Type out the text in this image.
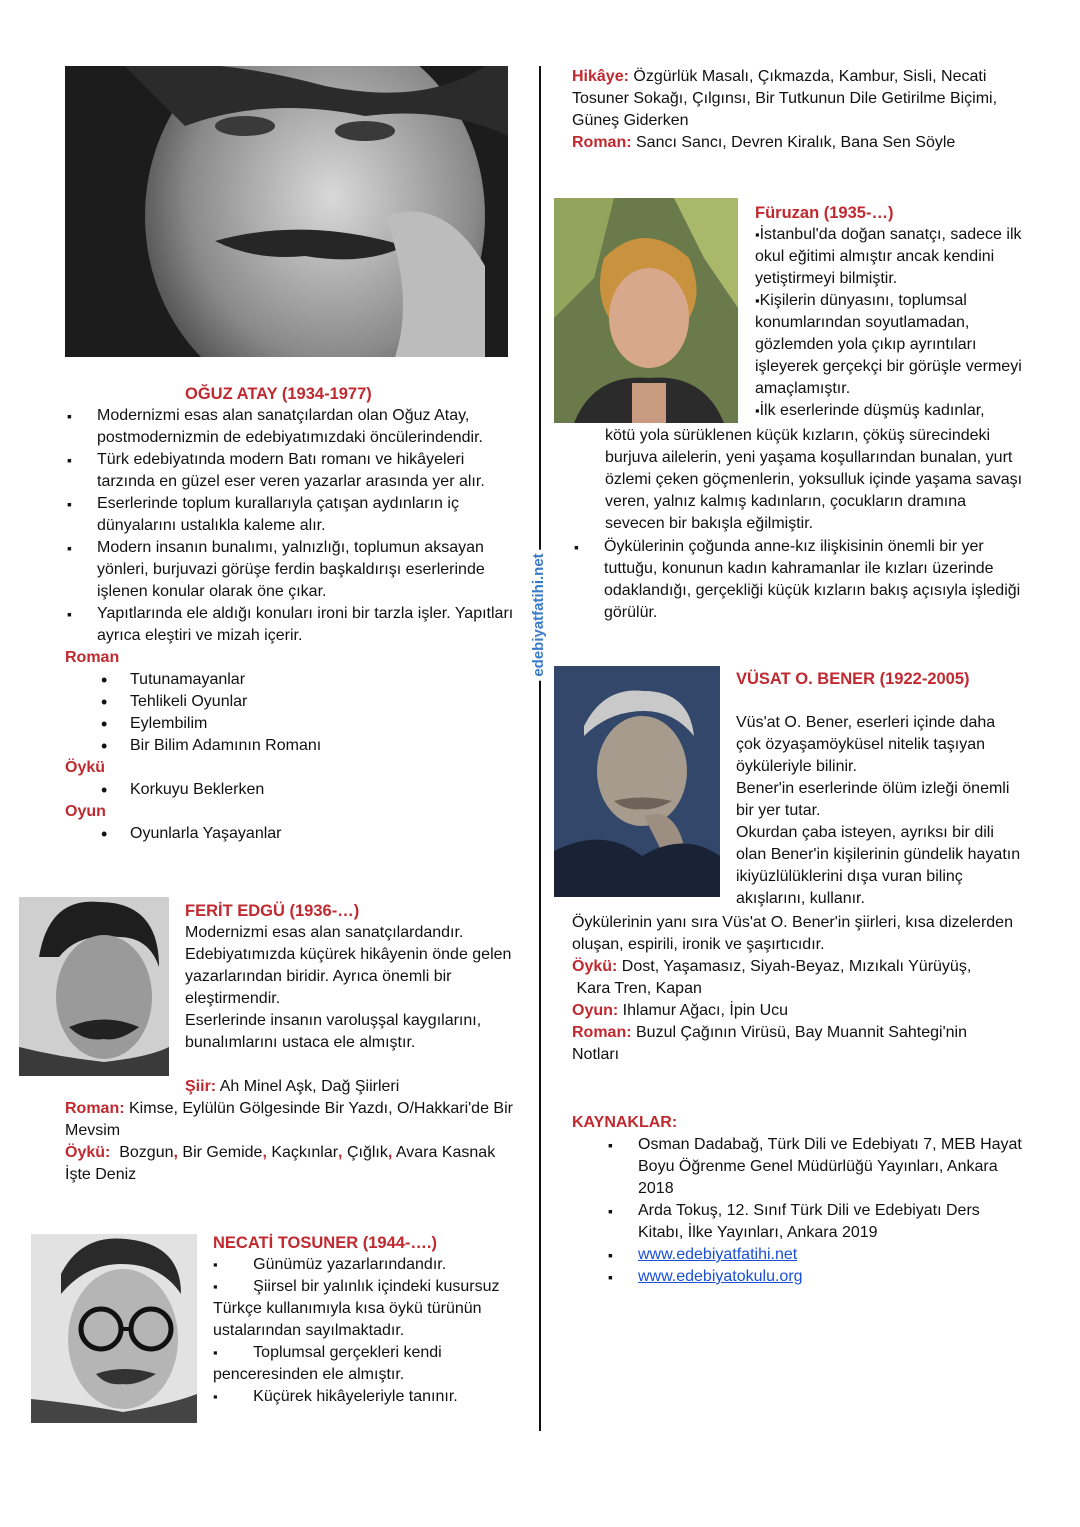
OĞUZ ATAY (1934-1977)
▪ Modernizmi esas alan sanatçılardan olan Oğuz Atay, postmodernizmin de edebiyatımızdaki öncülerindendir.
▪ Türk edebiyatında modern Batı romanı ve hikâyeleri tarzında en güzel eser veren yazarlar arasında yer alır.
▪ Eserlerinde toplum kurallarıyla çatışan aydınların iç dünyalarını ustalıkla kaleme alır.
▪ Modern insanın bunalımı, yalnızlığı, toplumun aksayan yönleri, burjuvazi görüşe ferdin başkaldırışı eserlerinde işlenen konular olarak öne çıkar.
▪ Yapıtlarında ele aldığı konuları ironi bir tarzla işler. Yapıtları ayrıca eleştiri ve mizah içerir.
Roman
• Tutunamayanlar
• Tehlikeli Oyunlar
• Eylembilim
• Bir Bilim Adamının Romanı
Öykü
• Korkuyu Beklerken
Oyun
• Oyunlarla Yaşayanlar
FERİT EDGÜ (1936-…)

Modernizmi esas alan sanatçılardandır. Edebiyatımızda küçürek hikâyenin önde gelen yazarlarından biridir. Ayrıca önemli bir eleştirmendir.

Eserlerinde insanın varoluşşal kaygılarını, bunalımlarını ustaca ele almıştır.

Şiir: Ah Minel Aşk, Dağ Şiirleri
Roman: Kimse, Eylülün Gölgesinde Bir Yazdı, O/Hakkari'de Bir Mevsim
Öykü: Bozgun, Bir Gemide, Kaçkınlar, Çığlık, Avara Kasnak İşte Deniz
NECATİ TOSUNER (1944-….)

▪ Günümüz yazarlarındandır.

▪ Şiirsel bir yalınlık içindeki kusursuz Türkçe kullanımıyla kısa öykü türünün ustalarından sayılmaktadır.

▪ Toplumsal gerçekleri kendi penceresinden ele almıştır.

▪ Küçürek hikâyeleriyle tanınır.

edebiyatfatihi.net

Hikâye: Özgürlük Masalı, Çıkmazda, Kambur, Sisli, Necati Tosuner Sokağı, Çılgınsı, Bir Tutkunun Dile Getirilme Biçimi, Güneş Giderken

Roman: Sancı Sancı, Devren Kiralık, Bana Sen Söyle

Füruzan (1935-…)

▪İstanbul'da doğan sanatçı, sadece ilk okul eğitimi almıştır ancak kendini yetiştirmeyi bilmiştir.

▪Kişilerin dünyasını, toplumsal konumlarından soyutlamadan, gözlemden yola çıkıp ayrıntıları işleyerek gerçekçi bir görüşle vermeyi amaçlamıştır.

▪İlk eserlerinde düşmüş kadınlar,

kötü yola sürüklenen küçük kızların, çöküş sürecindeki burjuva ailelerin, yeni yaşama koşullarından bunalan, yurt özlemi çeken göçmenlerin, yoksulluk içinde yaşama savaşı veren, yalnız kalmış kadınların, çocukların dramına sevecen bir bakışla eğilmiştir.

▪ Öykülerinin çoğunda anne-kız ilişkisinin önemli bir yer tuttuğu, konunun kadın kahramanlar ile kızları üzerinde odaklandığı, gerçekliği küçük kızların bakış açısıyla işlediği görülür.
VÜSAT O. BENER (1922-2005)

Vüs'at O. Bener, eserleri içinde daha çok özyaşamöyküsel nitelik taşıyan öyküleriyle bilinir.

Bener'in eserlerinde ölüm izleği önemli bir yer tutar.

Okurdan çaba isteyen, ayrıksı bir dili olan Bener'in kişilerinin gündelik hayatın ikiyüzlülüklerini dışa vuran bilinç akışlarını, kullanır.

Öykülerinin yanı sıra Vüs'at O. Bener'in şiirleri, kısa dizelerden oluşan, espirili, ironik ve şaşırtıcıdır.

Öykü: Dost, Yaşamasız, Siyah-Beyaz, Mızıkalı Yürüyüş,

Kara Tren, Kapan

Oyun: Ihlamur Ağacı, İpin Ucu

Roman: Buzul Çağının Virüsü, Bay Muannit Sahtegi'nin Notları

KAYNAKLAR:
▪ Osman Dadabağ, Türk Dili ve Edebiyatı 7, MEB Hayat Boyu Öğrenme Genel Müdürlüğü Yayınları, Ankara 2018
▪ Arda Tokuş, 12. Sınıf Türk Dili ve Edebiyatı Ders Kitabı, İlke Yayınları, Ankara 2019
▪ www.edebiyatfatihi.net
▪ www.edebiyatokulu.org
